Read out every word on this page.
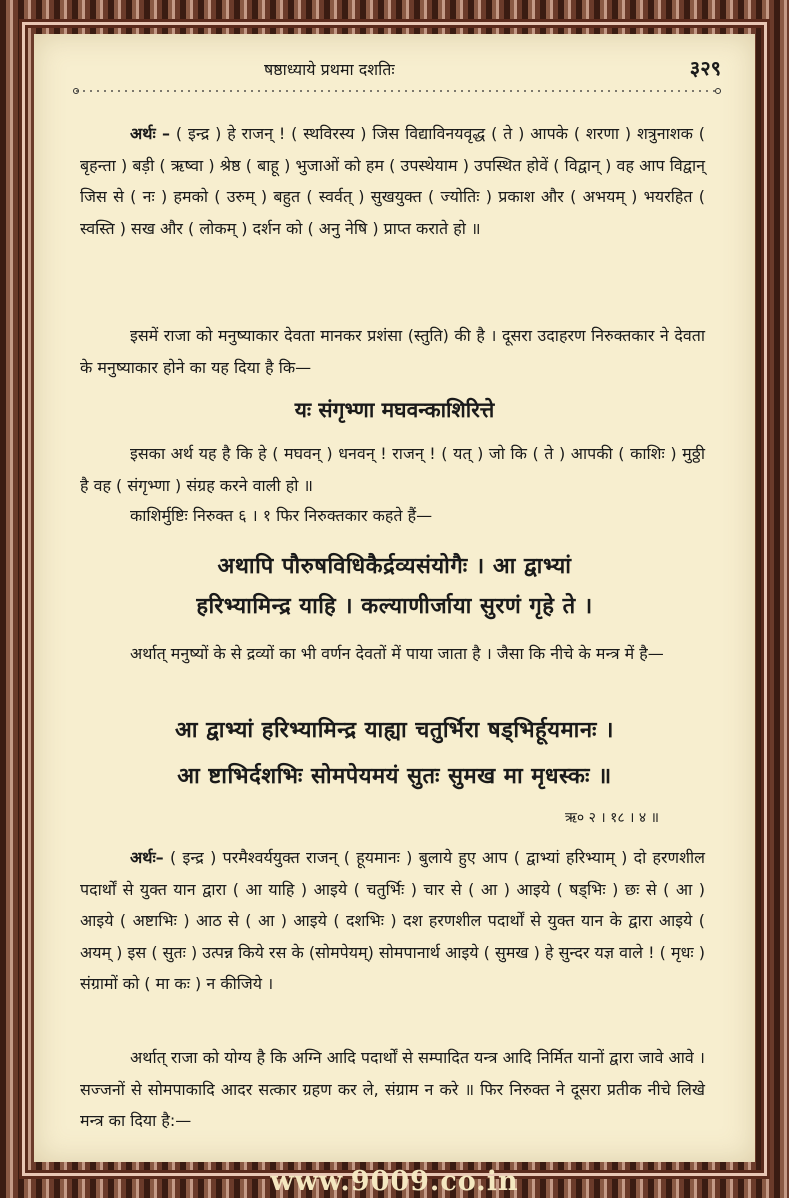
षष्ठाध्याये प्रथमा दशतिः	३२९
अर्थः – ( इन्द्र ) हे राजन् ! ( स्थविरस्य ) जिस विद्याविनयवृद्ध ( ते ) आपके ( शरणा ) शत्रुनाशक ( बृहन्ता ) बड़ी ( ऋष्वा ) श्रेष्ठ ( बाहू ) भुजाओं को हम ( उपस्थेयाम ) उपस्थित होवें ( विद्वान् ) वह आप विद्वान् जिस से ( नः ) हमको ( उरुम् ) बहुत ( स्वर्वत् ) सुखयुक्त ( ज्योतिः ) प्रकाश और ( अभयम् ) भयरहित ( स्वस्ति ) सख और ( लोकम् ) दर्शन को ( अनु नेषि ) प्राप्त कराते हो ॥
इसमें राजा को मनुष्याकार देवता मानकर प्रशंसा (स्तुति) की है । दूसरा उदाहरण निरुक्तकार ने देवता के मनुष्याकार होने का यह दिया है कि—
यः संगृभ्णा मघवन्काशिरित्ते
इसका अर्थ यह है कि हे ( मघवन् ) धनवन् ! राजन् ! ( यत् ) जो कि ( ते ) आपकी ( काशिः ) मुठ्ठी है वह ( संगृभ्णा ) संग्रह करने वाली हो ॥
काशिर्मुष्टिः निरुक्त ६ । १ फिर निरुक्तकार कहते हैं—
अथापि पौरुषविधिकैर्द्रव्यसंयोगैः । आ द्वाभ्यां
हरिभ्यामिन्द्र याहि । कल्याणीर्जाया सुरणं गृहे ते ।
अर्थात् मनुष्यों के से द्रव्यों का भी वर्णन देवतों में पाया जाता है । जैसा कि नीचे के मन्त्र में है—
आ द्वाभ्यां हरिभ्यामिन्द्र याह्या चतुर्भिरा षड्भिर्हूयमानः ।
आ ष्टाभिर्दशभिः सोमपेयमयं सुतः सुमख मा मृधस्कः ॥
ऋ० २ । १८ । ४ ॥
अर्थः– ( इन्द्र ) परमैश्वर्ययुक्त राजन् ( हूयमानः ) बुलाये हुए आप ( द्वाभ्यां हरिभ्याम् ) दो हरणशील पदार्थों से युक्त यान द्वारा ( आ याहि ) आइये ( चतुर्भिः ) चार से ( आ ) आइये ( षड्भिः ) छः से ( आ ) आइये ( अष्टाभिः ) आठ से ( आ ) आइये ( दशभिः ) दश हरणशील पदार्थों से युक्त यान के द्वारा आइये ( अयम् ) इस ( सुतः ) उत्पन्न किये रस के (सोमपेयम्) सोमपानार्थ आइये ( सुमख ) हे सुन्दर यज्ञ वाले ! ( मृधः ) संग्रामों को ( मा कः ) न कीजिये ।
अर्थात् राजा को योग्य है कि अग्नि आदि पदार्थों से सम्पादित यन्त्र आदि निर्मित यानों द्वारा जावे आवे । सज्जनों से सोमपाकादि आदर सत्कार ग्रहण कर ले, संग्राम न करे ॥ फिर निरुक्त ने दूसरा प्रतीक नीचे लिखे मन्त्र का दिया है:—
www.9009.co.in
